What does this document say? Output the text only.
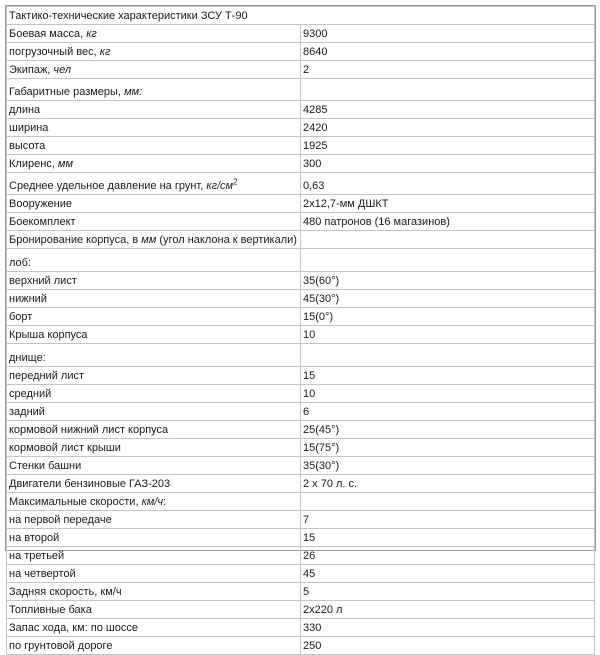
Тактико-технические характеристики ЗСУ Т-90	
Боевая масса, кг	9300
погрузочный вес, кг	8640
Экипаж, чел	2
Габаритные размеры, мм:	
длина	4285
ширина	2420
высота	1925
Клиренс, мм	300
Среднее удельное давление на грунт, $кг/см^2$	0,63
Вооружение	2х12,7-мм ДШКТ
Боекомплект	480 патронов (16 магазинов)
Бронирование корпуса, в мм (угол наклона к вертикали)	
лоб:	
верхний лист	35(60°)
нижний	45(30°)
борт	15(0°)
Крыша корпуса	10
днище:	
передний лист	15
средний	10
задний	6
кормовой нижний лист корпуса	25(45°)
кормовой лист крыши	15(75°)
Стенки башни	35(30°)
Двигатели бензиновые ГАЗ-203	2 х 70 л. с.
Максимальные скорости, км/ч:	
на первой передаче	7
на второй	15
на третьей	26
на четвертой	45
Задняя скорость, км/ч	5
Топливные бака	2х220 л
Запас хода, км: по шоссе	330
по грунтовой дороге	250
